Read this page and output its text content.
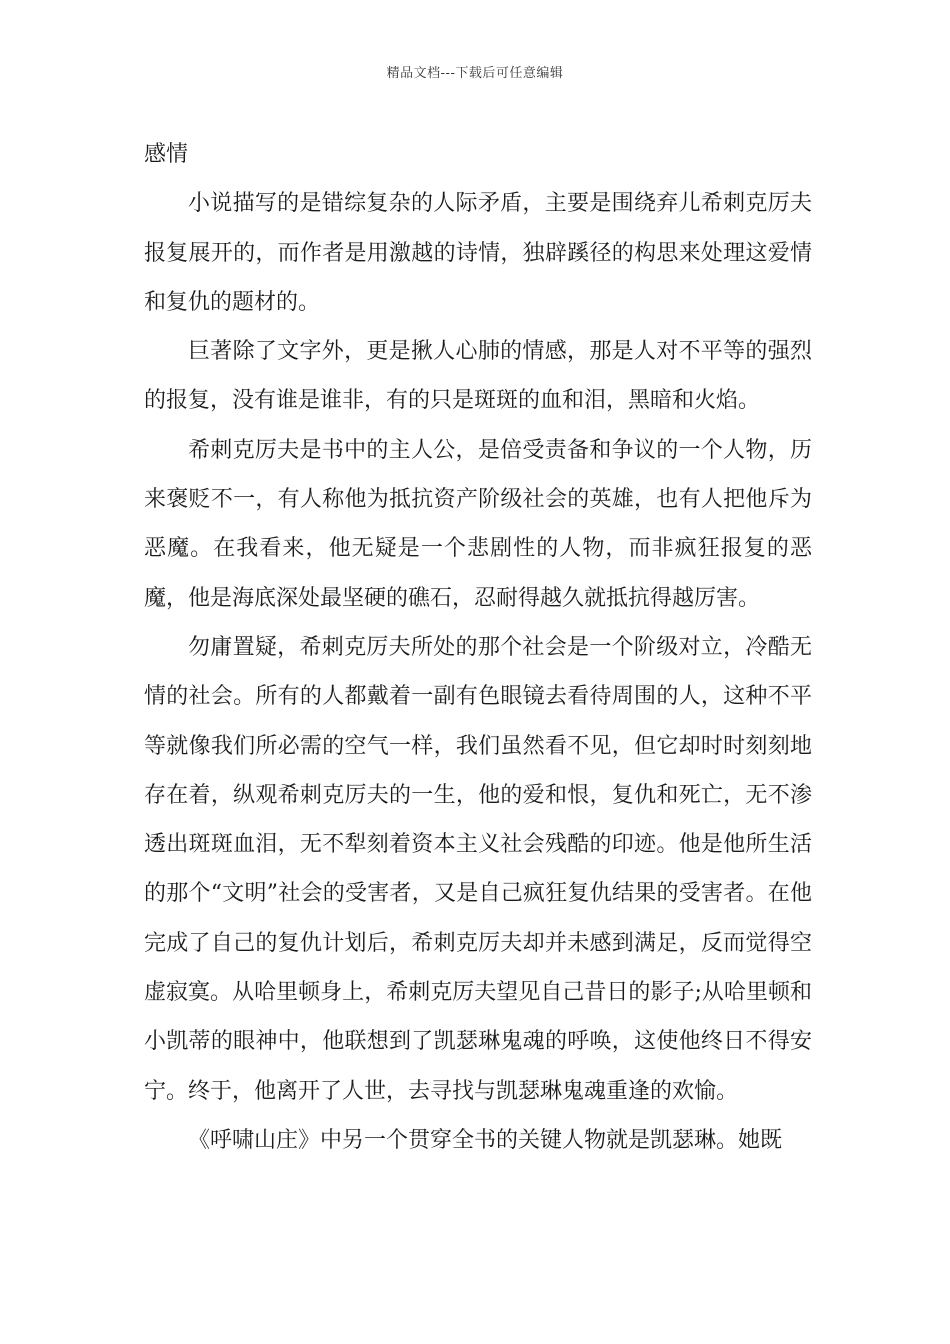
精品文档---下载后可任意编辑

感情

小说描写的是错综复杂的人际矛盾，主要是围绕弃儿希刺克厉夫报复展开的，而作者是用激越的诗情，独辟蹊径的构思来处理这爱情和复仇的题材的。

巨著除了文字外，更是揪人心肺的情感，那是人对不平等的强烈的报复，没有谁是谁非，有的只是斑斑的血和泪，黑暗和火焰。

希刺克厉夫是书中的主人公，是倍受责备和争议的一个人物，历来褒贬不一，有人称他为抵抗资产阶级社会的英雄，也有人把他斥为恶魔。在我看来，他无疑是一个悲剧性的人物，而非疯狂报复的恶魔，他是海底深处最坚硬的礁石，忍耐得越久就抵抗得越厉害。

勿庸置疑，希刺克厉夫所处的那个社会是一个阶级对立，冷酷无情的社会。所有的人都戴着一副有色眼镜去看待周围的人，这种不平等就像我们所必需的空气一样，我们虽然看不见，但它却时时刻刻地存在着，纵观希刺克厉夫的一生，他的爱和恨，复仇和死亡，无不渗透出斑斑血泪，无不犁刻着资本主义社会残酷的印迹。他是他所生活的那个“文明”社会的受害者，又是自己疯狂复仇结果的受害者。在他完成了自己的复仇计划后，希刺克厉夫却并未感到满足，反而觉得空虚寂寞。从哈里顿身上，希刺克厉夫望见自己昔日的影子;从哈里顿和小凯蒂的眼神中，他联想到了凯瑟琳鬼魂的呼唤，这使他终日不得安宁。终于，他离开了人世，去寻找与凯瑟琳鬼魂重逢的欢愉。

《呼啸山庄》中另一个贯穿全书的关键人物就是凯瑟琳。她既
